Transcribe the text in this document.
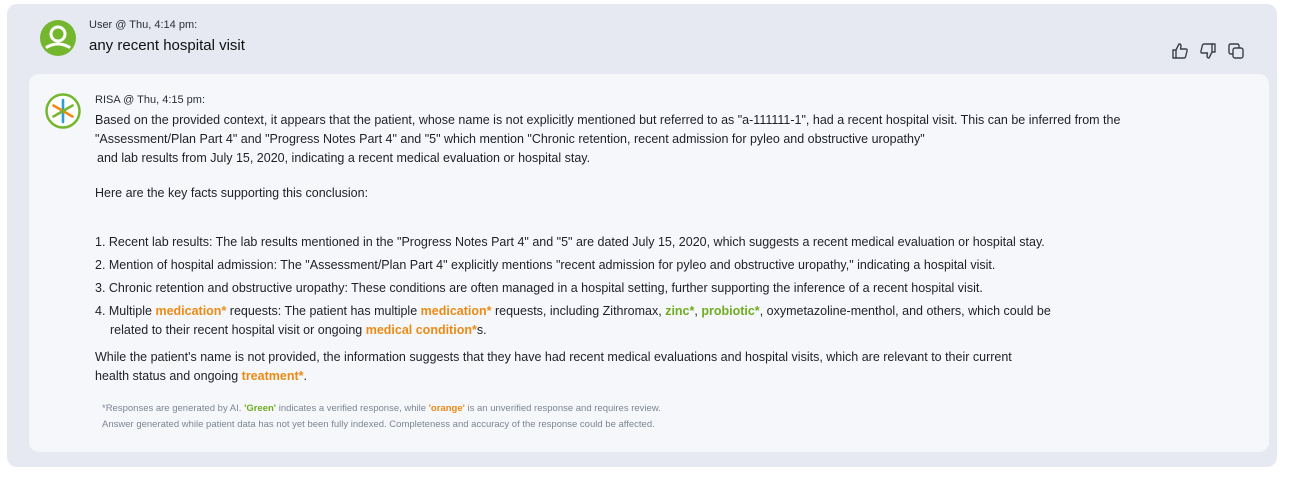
User @ Thu, 4:14 pm:
any recent hospital visit
RISA @ Thu, 4:15 pm:

Based on the provided context, it appears that the patient, whose name is not explicitly mentioned but referred to as "a-111111-1", had a recent hospital visit. This can be inferred from the
"Assessment/Plan Part 4" and "Progress Notes Part 4" and "5" which mention "Chronic retention, recent admission for pyleo and obstructive uropathy"
and lab results from July 15, 2020, indicating a recent medical evaluation or hospital stay.

Here are the key facts supporting this conclusion:

1. Recent lab results: The lab results mentioned in the "Progress Notes Part 4" and "5" are dated July 15, 2020, which suggests a recent medical evaluation or hospital stay.
2. Mention of hospital admission: The "Assessment/Plan Part 4" explicitly mentions "recent admission for pyleo and obstructive uropathy," indicating a hospital visit.
3. Chronic retention and obstructive uropathy: These conditions are often managed in a hospital setting, further supporting the inference of a recent hospital visit.
4. Multiple medication* requests: The patient has multiple medication* requests, including Zithromax, zinc*, probiotic*, oxymetazoline-menthol, and others, which could be
related to their recent hospital visit or ongoing medical condition*s.

While the patient's name is not provided, the information suggests that they have had recent medical evaluations and hospital visits, which are relevant to their current
health status and ongoing treatment*.

*Responses are generated by AI. 'Green' indicates a verified response, while 'orange' is an unverified response and requires review.
Answer generated while patient data has not yet been fully indexed. Completeness and accuracy of the response could be affected.
